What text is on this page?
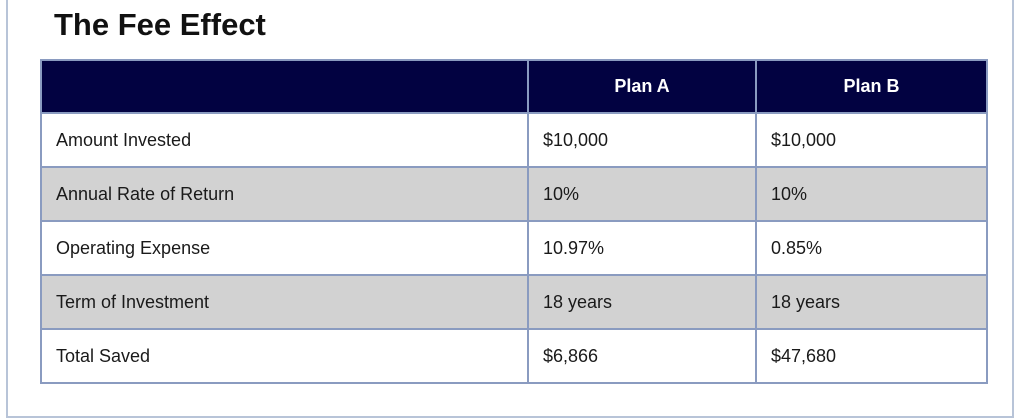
The Fee Effect
	Plan A	Plan B
Amount Invested	$10,000	$10,000
Annual Rate of Return	10%	10%
Operating Expense	10.97%	0.85%
Term of Investment	18 years	18 years
Total Saved	$6,866	$47,680
